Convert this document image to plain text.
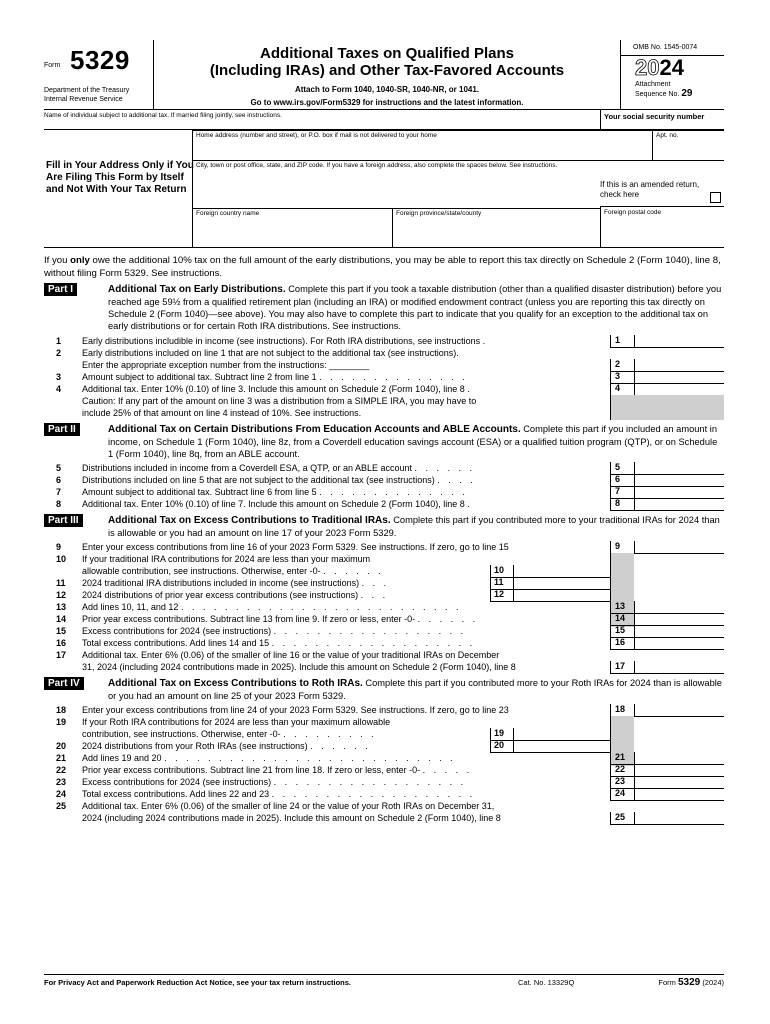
Form 5329
Department of the Treasury
Internal Revenue Service
Additional Taxes on Qualified Plans
(Including IRAs) and Other Tax-Favored Accounts
Attach to Form 1040, 1040-SR, 1040-NR, or 1041.
Go to www.irs.gov/Form5329 for instructions and the latest information.
OMB No. 1545-0074
2024
Attachment
Sequence No. 29
Name of individual subject to additional tax. If married filing jointly, see instructions.	Your social security number
Fill in Your Address Only if You Are Filing This Form by Itself and Not With Your Tax Return
Home address (number and street), or P.O. box if mail is not delivered to your home	Apt. no.
City, town or post office, state, and ZIP code. If you have a foreign address, also complete the spaces below. See instructions.
If this is an amended return, check here
Foreign country name	Foreign province/state/county	Foreign postal code
If you only owe the additional 10% tax on the full amount of the early distributions, you may be able to report this tax directly on Schedule 2 (Form 1040), line 8, without filing Form 5329. See instructions.
Part I	Additional Tax on Early Distributions. Complete this part if you took a taxable distribution (other than a qualified disaster distribution) before you reached age 59½ from a qualified retirement plan (including an IRA) or modified endowment contract (unless you are reporting this tax directly on Schedule 2 (Form 1040)—see above). You may also have to complete this part to indicate that you qualify for an exception to the additional tax on early distributions or for certain Roth IRA distributions. See instructions.
1 Early distributions includible in income (see instructions). For Roth IRA distributions, see instructions .	1
2 Early distributions included on line 1 that are not subject to the additional tax (see instructions).
Enter the appropriate exception number from the instructions: ________	2
3 Amount subject to additional tax. Subtract line 2 from line 1 . . . . . . . . . . . . . .	3
4 Additional tax. Enter 10% (0.10) of line 3. Include this amount on Schedule 2 (Form 1040), line 8 .	4
Caution: If any part of the amount on line 3 was a distribution from a SIMPLE IRA, you may have to
include 25% of that amount on line 4 instead of 10%. See instructions.
Part II	Additional Tax on Certain Distributions From Education Accounts and ABLE Accounts. Complete this part if you included an amount in income, on Schedule 1 (Form 1040), line 8z, from a Coverdell education savings account (ESA) or a qualified tuition program (QTP), or on Schedule 1 (Form 1040), line 8q, from an ABLE account.
5 Distributions included in income from a Coverdell ESA, a QTP, or an ABLE account . . . . . .	5
6 Distributions included on line 5 that are not subject to the additional tax (see instructions) . . . .	6
7 Amount subject to additional tax. Subtract line 6 from line 5 . . . . . . . . . . . . . .	7
8 Additional tax. Enter 10% (0.10) of line 7. Include this amount on Schedule 2 (Form 1040), line 8 .	8
Part III	Additional Tax on Excess Contributions to Traditional IRAs. Complete this part if you contributed more to your traditional IRAs for 2024 than is allowable or you had an amount on line 17 of your 2023 Form 5329.
9 Enter your excess contributions from line 16 of your 2023 Form 5329. See instructions. If zero, go to line 15	9
10 If your traditional IRA contributions for 2024 are less than your maximum
allowable contribution, see instructions. Otherwise, enter -0- . . . . . .	10
11 2024 traditional IRA distributions included in income (see instructions) . . .	11
12 2024 distributions of prior year excess contributions (see instructions) . . .	12
13 Add lines 10, 11, and 12 . . . . . . . . . . . . . . . . . . . . . . . . . .	13
14 Prior year excess contributions. Subtract line 13 from line 9. If zero or less, enter -0- . . . . . .	14
15 Excess contributions for 2024 (see instructions) . . . . . . . . . . . . . . . . . .	15
16 Total excess contributions. Add lines 14 and 15 . . . . . . . . . . . . . . . . . . .	16
17 Additional tax. Enter 6% (0.06) of the smaller of line 16 or the value of your traditional IRAs on December
31, 2024 (including 2024 contributions made in 2025). Include this amount on Schedule 2 (Form 1040), line 8	17
Part IV	Additional Tax on Excess Contributions to Roth IRAs. Complete this part if you contributed more to your Roth IRAs for 2024 than is allowable or you had an amount on line 25 of your 2023 Form 5329.
18 Enter your excess contributions from line 24 of your 2023 Form 5329. See instructions. If zero, go to line 23	18
19 If your Roth IRA contributions for 2024 are less than your maximum allowable
contribution, see instructions. Otherwise, enter -0- . . . . . . . . .	19
20 2024 distributions from your Roth IRAs (see instructions) . . . . . .	20
21 Add lines 19 and 20 . . . . . . . . . . . . . . . . . . . . . . . . . . .	21
22 Prior year excess contributions. Subtract line 21 from line 18. If zero or less, enter -0- . . . . .	22
23 Excess contributions for 2024 (see instructions) . . . . . . . . . . . . . . . . . .	23
24 Total excess contributions. Add lines 22 and 23 . . . . . . . . . . . . . . . . . . .	24
25 Additional tax. Enter 6% (0.06) of the smaller of line 24 or the value of your Roth IRAs on December 31,
2024 (including 2024 contributions made in 2025). Include this amount on Schedule 2 (Form 1040), line 8	25
For Privacy Act and Paperwork Reduction Act Notice, see your tax return instructions.	Cat. No. 13329Q	Form 5329 (2024)
